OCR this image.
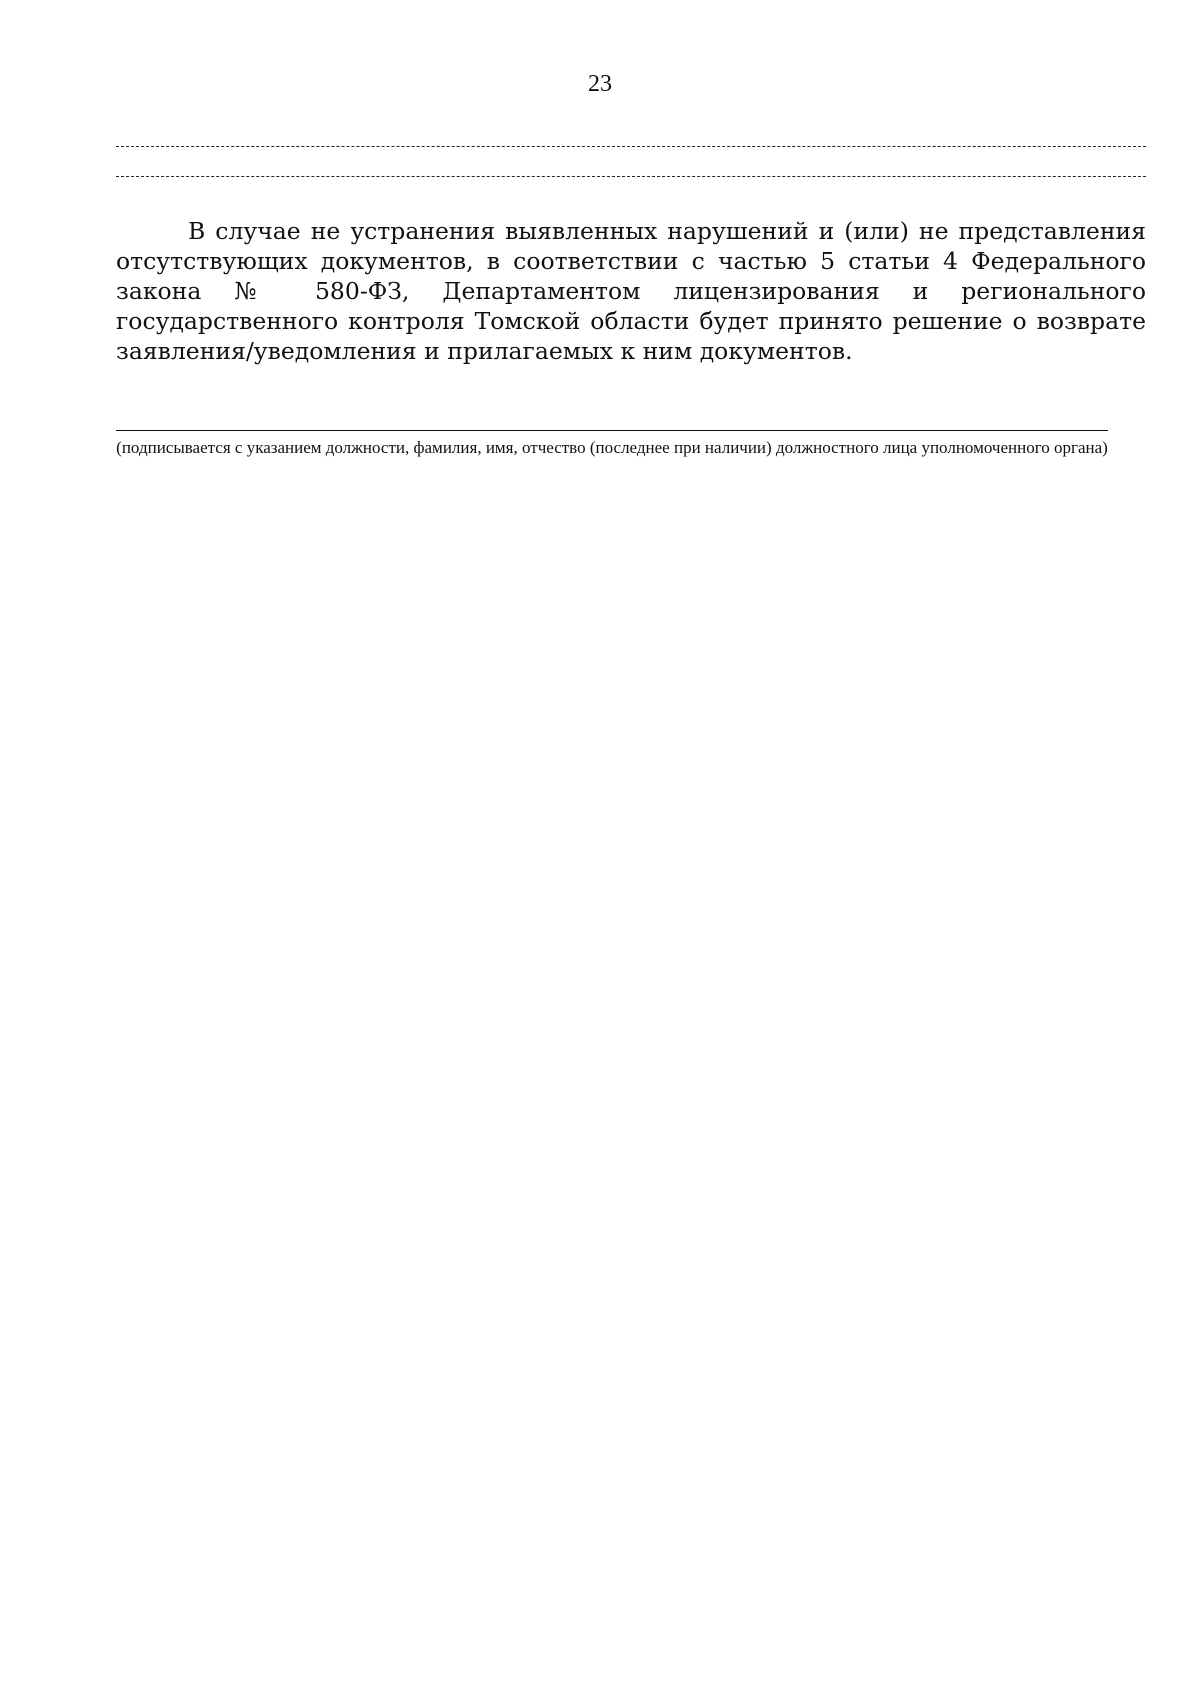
23

В случае не устранения выявленных нарушений и (или) не представления отсутствующих документов, в соответствии с частью 5 статьи 4 Федерального закона № 580-ФЗ, Департаментом лицензирования и регионального государственного контроля Томской области будет принято решение о возврате заявления/уведомления и прилагаемых к ним документов.

(подписывается с указанием должности, фамилия, имя, отчество (последнее при наличии) должностного лица уполномоченного органа)
